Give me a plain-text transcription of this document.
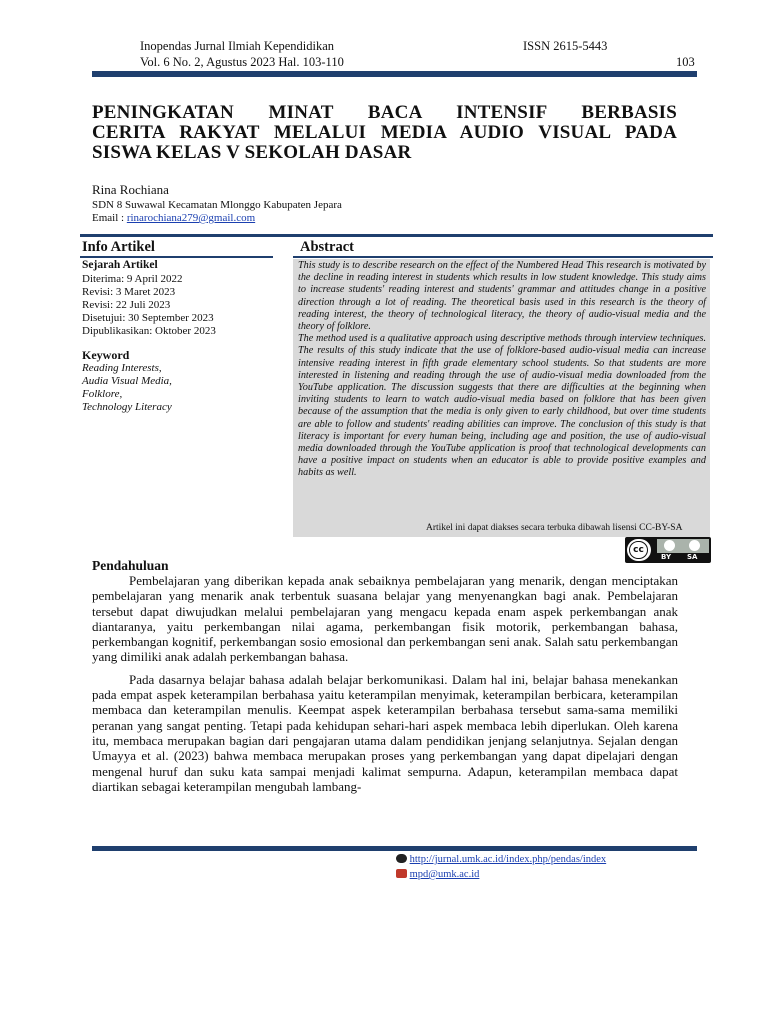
Inopendas Jurnal Ilmiah Kependidikan	ISSN 2615-5443
Vol. 6 No. 2, Agustus 2023 Hal. 103-110	103
PENINGKATAN MINAT BACA INTENSIF BERBASIS
CERITA RAKYAT MELALUI MEDIA AUDIO VISUAL PADA
SISWA KELAS V SEKOLAH DASAR
Rina Rochiana
SDN 8 Suwawal Kecamatan Mlonggo Kabupaten Jepara
Email : rinarochiana279@gmail.com
Info Artikel
Sejarah Artikel
Diterima: 9 April 2022
Revisi: 3 Maret 2023
Revisi: 22 Juli 2023
Disetujui: 30 September 2023
Dipublikasikan: Oktober 2023
Keyword
Reading Interests,
Audia Visual Media,
Folklore,
Technology Literacy
Abstract

This study is to describe research on the effect of the Numbered Head This research is motivated by the decline in reading interest in students which results in low student knowledge. This study aims to increase students' reading interest and students' grammar and attitudes change in a positive direction through a lot of reading. The theoretical basis used in this research is the theory of reading interest, the theory of technological literacy, the theory of audio-visual media and the theory of folklore.

The method used is a qualitative approach using descriptive methods through interview techniques. The results of this study indicate that the use of folklore-based audio-visual media can increase intensive reading interest in fifth grade elementary school students. So that students are more interested in listening and reading through the use of audio-visual media downloaded from the YouTube application. The discussion suggests that there are difficulties at the beginning when inviting students to learn to watch audio-visual media based on folklore that has been given because of the assumption that the media is only given to early childhood, but over time students are able to follow and students' reading abilities can improve. The conclusion of this study is that literacy is important for every human being, including age and position, the use of audio-visual media downloaded through the YouTube application is proof that technological developments can have a positive impact on students when an educator is able to provide positive examples and habits as well.

Artikel ini dapat diakses secara terbuka dibawah lisensi CC-BY-SA
cc
BY SA
Pendahuluan

Pembelajaran yang diberikan kepada anak sebaiknya pembelajaran yang menarik, dengan menciptakan pembelajaran yang menarik anak terbentuk suasana belajar yang menyenangkan bagi anak. Pembelajaran tersebut dapat diwujudkan melalui pembelajaran yang mengacu kepada enam aspek perkembangan anak diantaranya, yaitu perkembangan nilai agama, perkembangan fisik motorik, perkembangan bahasa, perkembangan kognitif, perkembangan sosio emosional dan perkembangan seni anak. Salah satu perkembangan yang dimiliki anak adalah perkembangan bahasa.

Pada dasarnya belajar bahasa adalah belajar berkomunikasi. Dalam hal ini, belajar bahasa menekankan pada empat aspek keterampilan berbahasa yaitu keterampilan menyimak, keterampilan berbicara, keterampilan membaca dan keterampilan menulis. Keempat aspek keterampilan berbahasa tersebut sama-sama memiliki peranan yang sangat penting. Tetapi pada kehidupan sehari-hari aspek membaca lebih diperlukan. Oleh karena itu, membaca merupakan bagian dari pengajaran utama dalam pendidikan jenjang selanjutnya. Sejalan dengan Umayya et al. (2023) bahwa membaca merupakan proses yang perkembangan yang dapat dipelajari dengan mengenal huruf dan suku kata sampai menjadi kalimat sempurna. Adapun, keterampilan membaca dapat diartikan sebagai keterampilan mengubah lambang-

http://jurnal.umk.ac.id/index.php/pendas/index
mpd@umk.ac.id
